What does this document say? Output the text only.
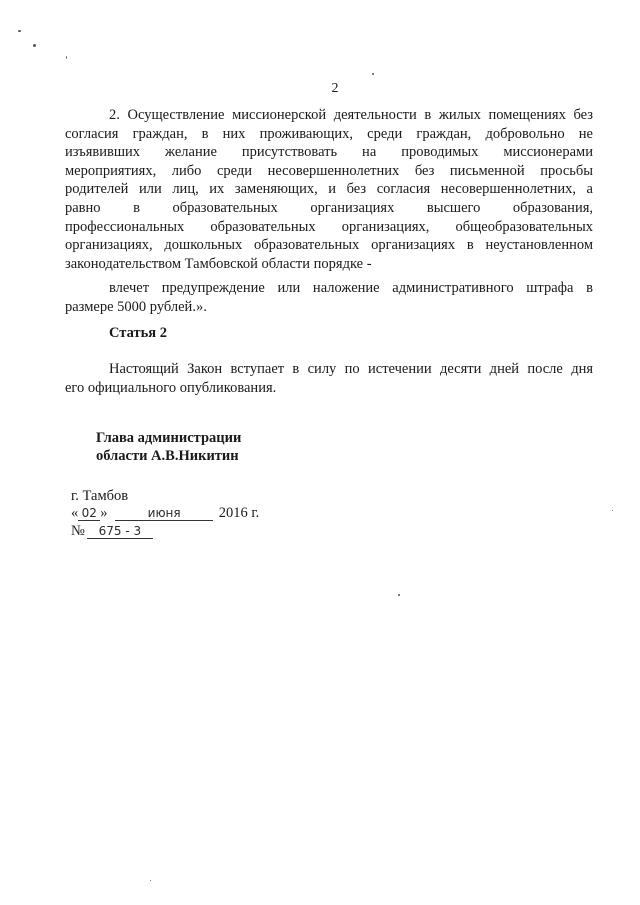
2
2. Осуществление миссионерской деятельности в жилых помещениях без
согласия граждан, в них проживающих, среди граждан, добровольно не
изъявивших желание присутствовать на проводимых миссионерами
мероприятиях, либо среди несовершеннолетних без письменной просьбы
родителей или лиц, их заменяющих, и без согласия несовершеннолетних, а
равно в образовательных организациях высшего образования,
профессиональных образовательных организациях, общеобразовательных
организациях, дошкольных образовательных организациях в неустановленном
законодательством Тамбовской области порядке -
влечет предупреждение или наложение административного штрафа в
размере 5000 рублей.».
Статья 2
Настоящий Закон вступает в силу по истечении десяти дней после дня
его официального опубликования.
Глава администрации
области А.В.Никитин
г. Тамбов
« 02 »	июня	2016 г.
№ 675 - 3
